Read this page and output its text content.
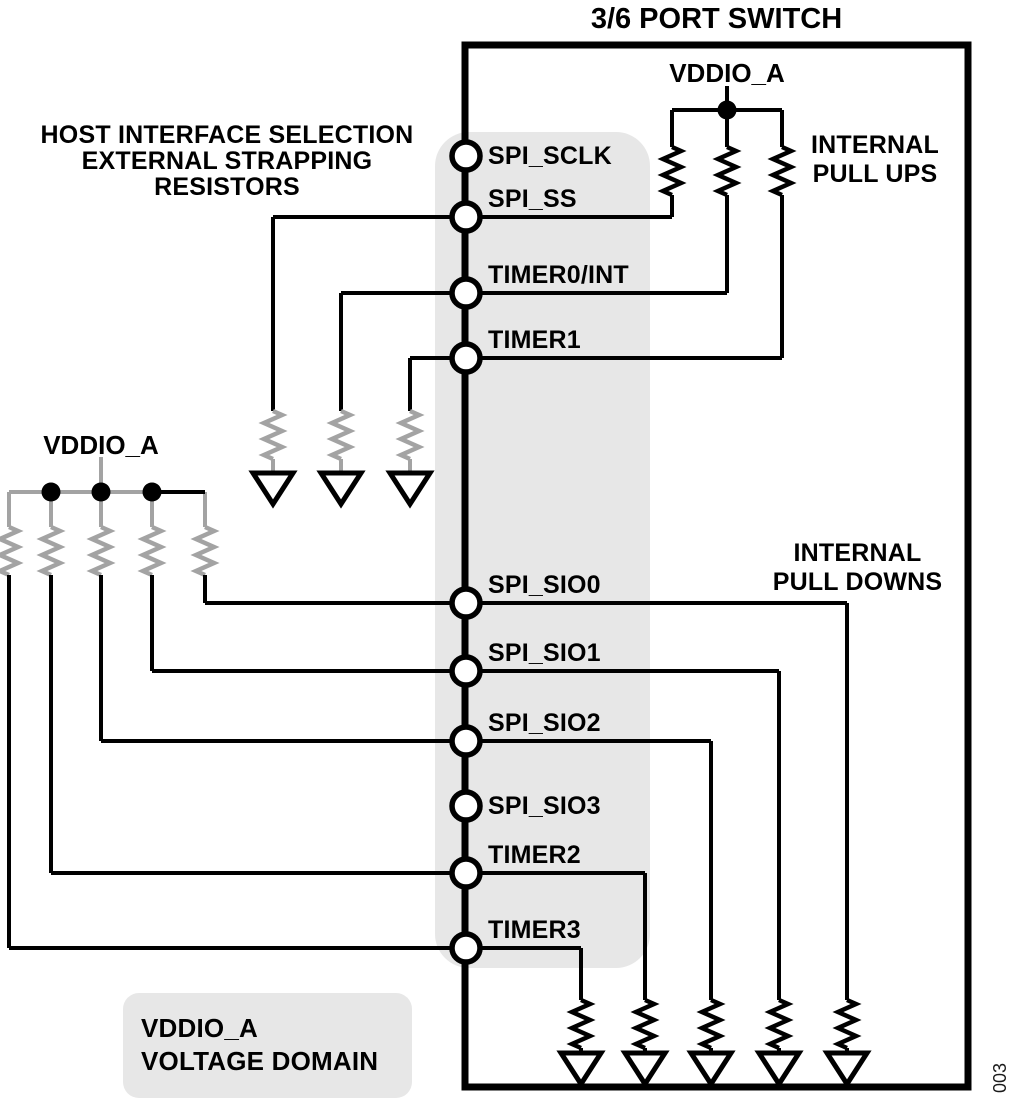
3/6 PORT SWITCH
HOST INTERFACE SELECTION
EXTERNAL STRAPPING
RESISTORS
INTERNAL
PULL UPS
INTERNAL
PULL DOWNS
VDDIO_A
VDDIO_A
VDDIO_A
VOLTAGE DOMAIN
SPI_SCLK
SPI_SS
TIMER0/INT
TIMER1
SPI_SIO0
SPI_SIO1
SPI_SIO2
SPI_SIO3
TIMER2
TIMER3
003
